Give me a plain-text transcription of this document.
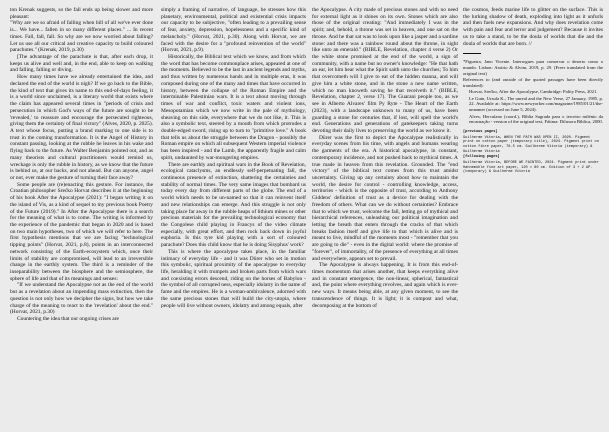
ton Krenak suggests, so the fall ends up being slower and more pleasant:

"Why are we so afraid of falling when bill of all we've ever done is... We have... fallen in so many different places." ... In recent times. Fall, fall, fall. So why are we now worried about falling? Let us use all our critical and creative capacity to build coloured parachutes." (Krenak, 2019, p.30)

[The advantage of the parachute is that, after each drop, it keeps us alive and well and, in the end, able to keep on walking and falling, falling or diving.

How many times have we already entertained the idea, and declared the end of the world is nigh? If we go back to the Bible, the kind of text that gives its name to this end-of-days feeling, it is a world since unclaimed, is a literary world that exists where the claim has appeared several times in "periods of crisis and persecution in which God's ways of the future are sought to be 'revealed,' to reassure and encourage the persecuted righteous, giving them the certainty of final victory" (Alves, 2020, p. 2025). A text whose focus, putting a brand marking to one side is to trust in the coming transformation. It is the Angel of History in constant passing, looking at the rubble he leaves in his wake and flying back to the future. As Walter Benjamin pointed out, and as many theorists and cultural practitioners would remind us, wreckage is only the rubble in history, as we know that the future is behind us, at our backs, and not ahead. But can anyone, angel or not, ever make the gesture of turning their face away?

Some people are (re)enacting this gesture. For instance, the Croatian philosopher Srećko Horvat describes it at the beginning of his book After the Apocalypse (2021): "I began writing it on the island of Vis, as a kind of sequel to my previous book Poetry of the Future (2019)." In After the Apocalypse there is a search for the meaning of what is to come. The writing is informed by the experience of the pandemic that began in 2020 and is based on two main hypotheses, two of which we will refer to here. The first hypothesis mentions that we are facing "technological tipping points" (Horvat, 2021, p.8), points in an interconnected network consisting of the Earth-ecosystem which, once their limits of stability are compromised, will lead to an irreversible change in the earthly system. The third is a reminder of the inseparability between the biosphere and the semiosphere, the sphere of life and that of its meanings and senses:

"If we understand the Apocalypse not as the end of the world but as a revelation about an impending mass extinction, then the question is not only how we decipher the signs, but how we take charge of the meaning to react to the 'revelation' about the end." (Horvat, 2021, p.30)

Countering the idea that our ongoing crises are

simply a framing of narrative, of language, he stresses how this planetary, environmental, political and existential crisis impacts our capacity to be subjective, "often leading to a prevailing sense of fear, anxiety, depression, hopelessness and a specific kind of melancholy." (Horvat, 2021, p.30). Along with Horvat, we are faced with the desire for a "profound reinvention of the world" (Horvat, 2021, p.9).

Historically, the Biblical text which we know, and from which the word that has become commonplace arises, appeared at one of the moments. Believed to be the last in ancient legends and myths, and thus written by numerous hands and in multiple eras, it was composed during one of the many and times that have occurred in history, between the collapse of the Roman Empire and the interminable Palestinian wars. It is a text about moving through times of war and conflict, toxic waters and violent ions, Mesopotamian which we now write in the pale of mythology, sheaving on this side, everywhere that we do not like, it. This is also a symbolic text, steered by a mouth from which protrudes a double-edged sword, rising up to turn to "primitive love." A book that tells us about the struggle between the Dragon - possibly the Roman empire on which all subsequent Western imperial violence has been inspired - and the Lamb, the apparently fragile and calm spirit, undaunted by war-mongering empires.

There are earthly and spiritual wars in the Book of Revelation, ecological cataclysms, an endlessly self-perpetuating fall, the continuous presence of extinction, shattering the certainties and stability of normal times. The very same images that bombard us today every day from different parts of the globe. The end of a world which needs to be un-named so that it can reinvent itself and new relationships can emerge. And this struggle is not only taking place far away in the rubble heaps of lithium mines or other precious materials for the prevailing technological economy that the Congolese child playing in Francys of the video climate especially, with great effort, and then rock back down in joyful euphoria. Is this tyre kid playing with a sort of coloured parachute? Does this child know that he is doing Sisyphus' work?

This is where the apocalypse takes place, in the familiar intimacy of everyday life - and it was Dürer who set in motion this symbolic, spiritual proximity of the apocalypse to everyday life, heralding it with trumpets and broken parts from which wars and coexisting errors descend, riding on the horses of Babylon - the symbol of all corrupted ness, especially idolatry in the name of fame and the empires. He is a woman-ambivalence, adorned with the same precious stones that will build the city-utopia, where people will live without owners, idolatry and among equals, after

the Apocalypse. A city made of precious stones and with no need for external light as it shines on its own. Stones which are also those of the original creating: "And immediately I was in the spirit; and, behold, a throne was set in heaven, and one sat on the throne. And he that sat was to look upon like a jasper and a sardine stone: and there was a rainbow round about the throne, in sight like unto an emerald." (BIBLE, Revelation, chapter 4 verse 2) Or the white stone promised at the end of the world, a sign of community, with a name but no owner's knowledge: "He that hath an ear, let him hear what the Spirit saith unto the churches; To him that overcometh will I give to eat of the hidden manna, and will give him a white stone, and in the stone a new name written, which no man knoweth saving he that receiveth it." (BIBLE, Revelation, chapter 2, verse 17). The Guarani people too, as we see in Alberto Alvares' film Py Ryte - The Heart of the Earth (2023), with a landscape unknown to many of us, have been guarding a stone for centuries that, if lost, will spell the world's end. Generations and generations of gatekeepers taking turns devoting their daily lives to preserving the world as we know it.

Dürer was the first to depict the Apocalypse realistically in everyday scenes from his time, with angels and humans wearing the garments of the era. A historical apocalypse, in constant, contemporary incidence, and not pushed back to mythical times. A true made in heaven from this revelation. Grounded. The "end victory" of the biblical text comes from this trust amidst uncertainty. Giving up any certainty about how to maintain the world, the desire for control - controlling knowledge, access, territories - which is the opposite of trust, according to Anthony Giddens' definition of trust as a device for dealing with the freedom of others. What can we do without certainties? Embrace that to which we trust, welcome the fall, letting go of mythical and hierarchical references, unleashing our political imagination and letting the breath that enters through the cracks of that which breaks fashion itself and give life to that which is alive and is meant to live, mindful of the moments most - "remember that you are going to die" - even in the digital world: where the promise of "forever", of immortality, of the presence of everything at all times and everywhere, appears set to prevail.

The Apocalypse is always happening. It is from this end-of-times momentum that arises another, that keeps everything alive and in constant emergence, the non-linear, spherical, fantastical and, the point where everything revolves, and again which is ever-new ways. It means being able, at any given moment, to see the transcendence of things. It is light; it is compost and what, decomposing at the bottom of

the cosmos, feeds marine life to glitter on the surface. This is the lurking shadow of death, exploding into light as it unfurls and then fuels new expansions. And why does revelation come with pain and fear and terror and judgement? Because it invites us to take a stand, to be the doula of worlds that die and the doula of worlds that are born. //

*Figueira, Jano Vicente. Interrogues para conservar o deserto como o mundo. Lisbon: Assírio & Alvim, 2019, p. 29. (Freer translated from the original text)

References to (and outside of the quoted passages have been directly translated):

• Horvat, Srećko, After the Apocalypse, Cambridge: Polity Press, 2021.
• Le Guin, Ursula K., The unreal and the New Verse, 27 January, 1985, p. 22. Available at: https://www.newyorker.com/magazine/1985/01/21/the-unnamer (accessed on June 5, 2024).
• Alves, Herculano (coord.), Bíblia Sagrada para o terceiro milénio da encarnação - version of the original text, Fátima: Difusora Bíblica, 2000.

[previous pages]

Guilherme Vitoria, WHEN THE PATH WAS OPEN II, 2020. Pigment print on cotton paper (temporary title), 2024. Pigment print on cotton fibre paper, 76.5 cm. Guilherme Vitoria (temporary) & Guilherme Vitoria

[following pages]

Guilherme Vitoria, BEFORE WE FAINTED, 2024. Pigment print under Hahnemühle fine art paper, 120 × 80 cm. Edition of 3 + 2 AP. (temporary) & Guilherme Vitoria
